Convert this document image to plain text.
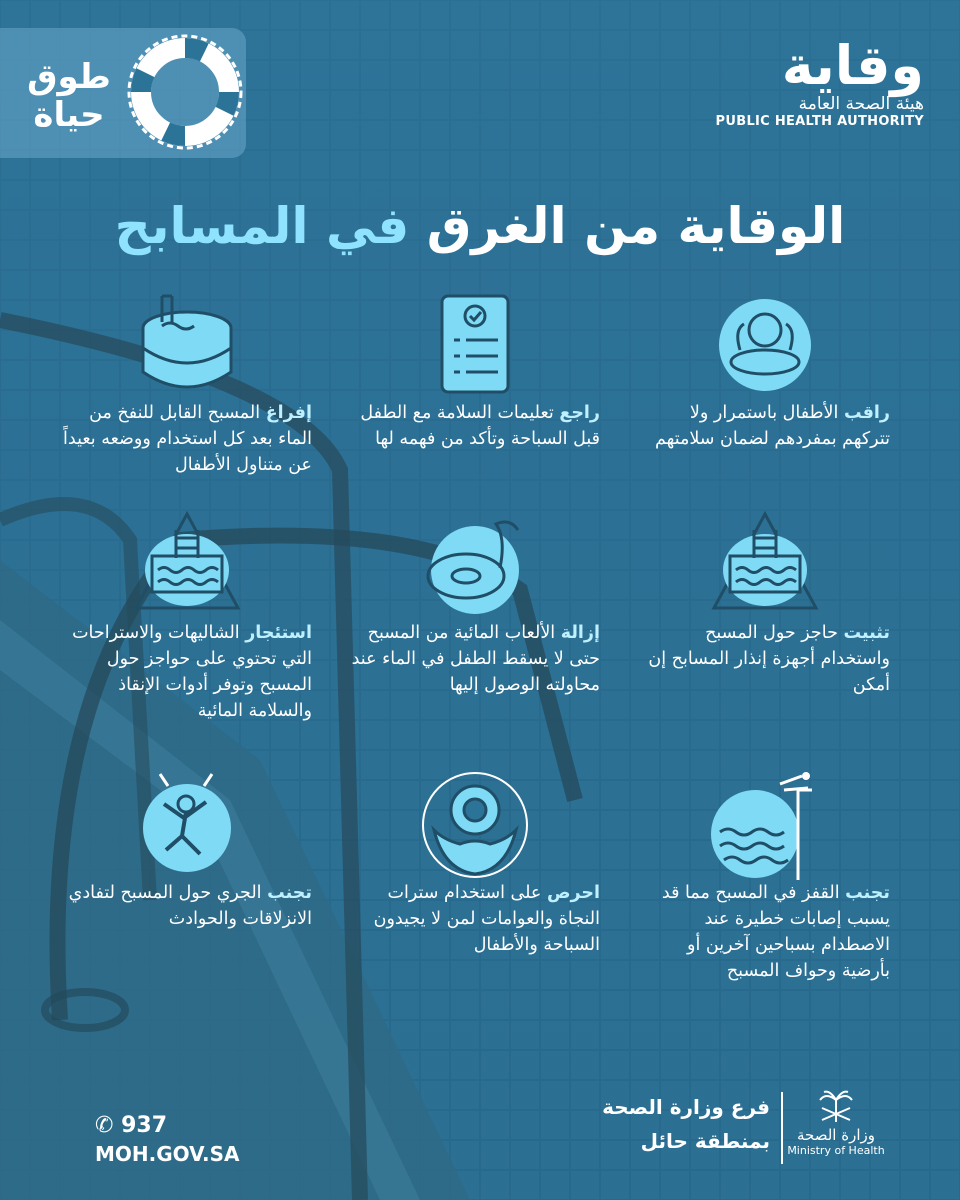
طوق حياة
وقاية
هيئة الصحة العامة
PUBLIC HEALTH AUTHORITY
الوقاية من الغرق في المسابح
راقب الأطفال باستمرار ولا تتركهم بمفردهم لضمان سلامتهم
راجع تعليمات السلامة مع الطفل قبل السباحة وتأكد من فهمه لها
إفراغ المسبح القابل للنفخ من الماء بعد كل استخدام ووضعه بعيداً عن متناول الأطفال
تثبيت حاجز حول المسبح واستخدام أجهزة إنذار المسابح إن أمكن
إزالة الألعاب المائية من المسبح حتى لا يسقط الطفل في الماء عند محاولته الوصول إليها
استئجار الشاليهات والاستراحات التي تحتوي على حواجز حول المسبح وتوفر أدوات الإنقاذ والسلامة المائية
تجنب القفز في المسبح مما قد يسبب إصابات خطيرة عند الاصطدام بسباحين آخرين أو بأرضية وحواف المسبح
احرص على استخدام سترات النجاة والعوامات لمن لا يجيدون السباحة والأطفال
تجنب الجري حول المسبح لتفادي الانزلاقات والحوادث
✆ 937
MOH.GOV.SA
فرع وزارة الصحة
بمنطقة حائل	وزارة الصحة
Ministry of Health
